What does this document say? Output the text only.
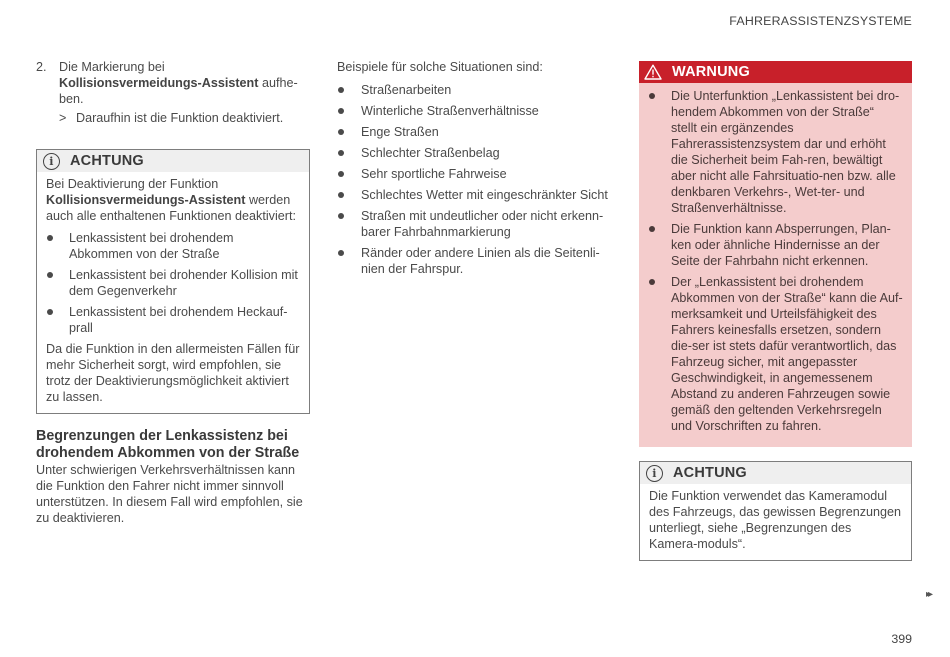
FAHRERASSISTENZSYSTEME
2. Die Markierung bei
Kollisionsvermeidungs-Assistent aufhe-ben.
> Daraufhin ist die Funktion deaktiviert.
i	ACHTUNG

Bei Deaktivierung der Funktion
Kollisionsvermeidungs-Assistent werden auch alle enthaltenen Funktionen deaktiviert:

Lenkassistent bei drohendem Abkommen von der Straße
Lenkassistent bei drohender Kollision mit dem Gegenverkehr
Lenkassistent bei drohendem Heckauf-prall

Da die Funktion in den allermeisten Fällen für mehr Sicherheit sorgt, wird empfohlen, sie trotz der Deaktivierungsmöglichkeit aktiviert zu lassen.

Begrenzungen der Lenkassistenz bei drohendem Abkommen von der Straße

Unter schwierigen Verkehrsverhältnissen kann die Funktion den Fahrer nicht immer sinnvoll unterstützen. In diesem Fall wird empfohlen, sie zu deaktivieren.

Beispiele für solche Situationen sind:

Straßenarbeiten
Winterliche Straßenverhältnisse
Enge Straßen
Schlechter Straßenbelag
Sehr sportliche Fahrweise
Schlechtes Wetter mit eingeschränkter Sicht
Straßen mit undeutlicher oder nicht erkenn-barer Fahrbahnmarkierung
Ränder oder andere Linien als die Seitenli-nien der Fahrspur.
WARNUNG
Die Unterfunktion „Lenkassistent bei dro-hendem Abkommen von der Straße“ stellt ein ergänzendes Fahrerassistenzsystem dar und erhöht die Sicherheit beim Fah-ren, bewältigt aber nicht alle Fahrsituatio-nen bzw. alle denkbaren Verkehrs-, Wet-ter- und Straßenverhältnisse.
Die Funktion kann Absperrungen, Plan-ken oder ähnliche Hindernisse an der Seite der Fahrbahn nicht erkennen.
Der „Lenkassistent bei drohendem Abkommen von der Straße“ kann die Auf-merksamkeit und Urteilsfähigkeit des Fahrers keinesfalls ersetzen, sondern die-ser ist stets dafür verantwortlich, das Fahrzeug sicher, mit angepasster Geschwindigkeit, in angemessenem Abstand zu anderen Fahrzeugen sowie gemäß den geltenden Verkehrsregeln und Vorschriften zu fahren.
i	ACHTUNG

Die Funktion verwendet das Kameramodul des Fahrzeugs, das gewissen Begrenzungen unterliegt, siehe „Begrenzungen des Kamera-moduls“.

▸▸
399
